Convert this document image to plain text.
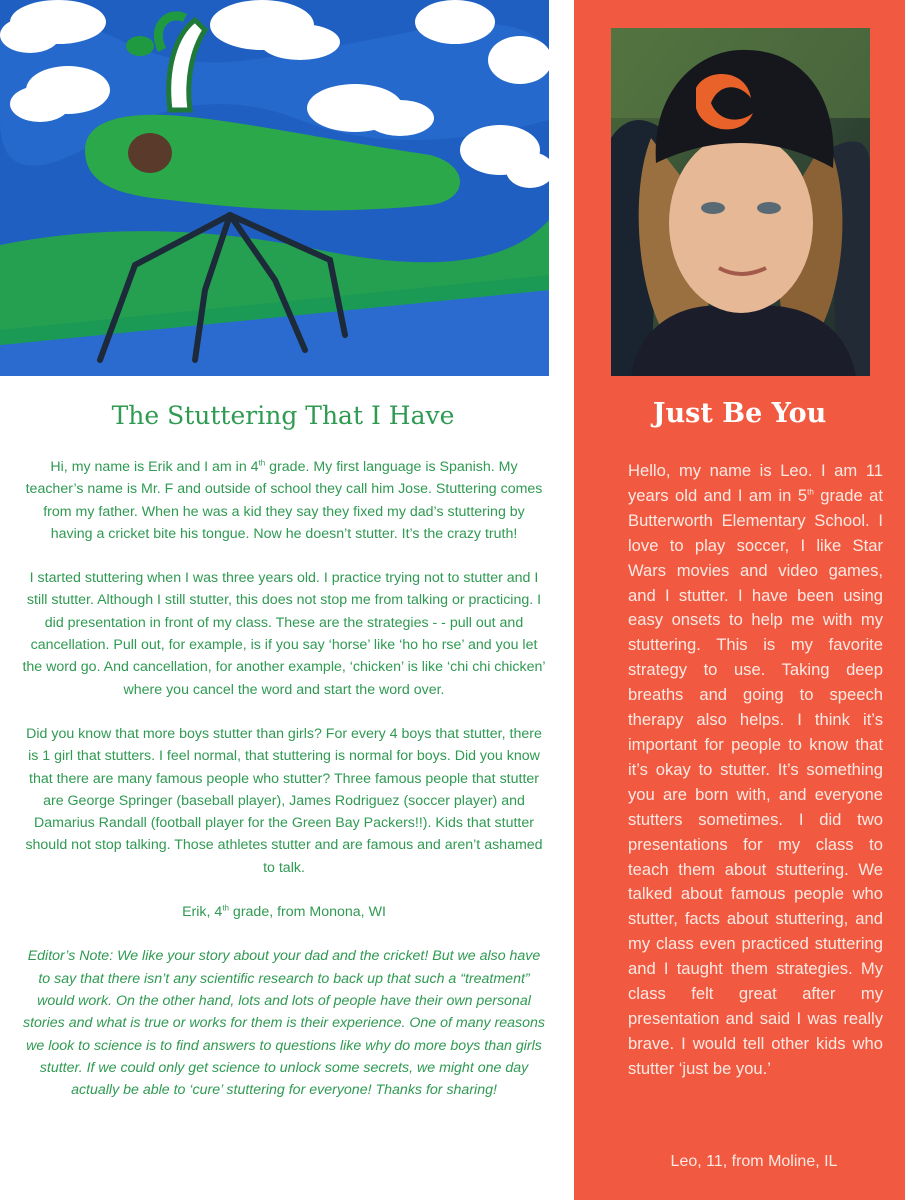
The Stuttering That I Have

Hi, my name is Erik and I am in 4th grade. My first language is Spanish. My teacher’s name is Mr. F and outside of school they call him Jose. Stuttering comes from my father. When he was a kid they say they fixed my dad’s stuttering by having a cricket bite his tongue. Now he doesn’t stutter. It’s the crazy truth!

I started stuttering when I was three years old. I practice trying not to stutter and I still stutter. Although I still stutter, this does not stop me from talking or practicing. I did presentation in front of my class. These are the strategies - - pull out and cancellation. Pull out, for example, is if you say ‘horse’ like ‘ho ho rse’ and you let the word go. And cancellation, for another example, ‘chicken’ is like ‘chi chi chicken’ where you cancel the word and start the word over.

Did you know that more boys stutter than girls? For every 4 boys that stutter, there is 1 girl that stutters. I feel normal, that stuttering is normal for boys. Did you know that there are many famous people who stutter? Three famous people that stutter are George Springer (baseball player), James Rodriguez (soccer player) and Damarius Randall (football player for the Green Bay Packers!!). Kids that stutter should not stop talking. Those athletes stutter and are famous and aren’t ashamed to talk.

Erik, 4th grade, from Monona, WI

Editor’s Note: We like your story about your dad and the cricket! But we also have to say that there isn’t any scientific research to back up that such a “treatment” would work. On the other hand, lots and lots of people have their own personal stories and what is true or works for them is their experience. One of many reasons we look to science is to find answers to questions like why do more boys than girls stutter. If we could only get science to unlock some secrets, we might one day actually be able to ‘cure’ stuttering for everyone! Thanks for sharing!

Just Be You

Hello, my name is Leo. I am 11 years old and I am in 5th grade at Butterworth Elementary School. I love to play soccer, I like Star Wars movies and video games, and I stutter. I have been using easy onsets to help me with my stuttering. This is my favorite strategy to use. Taking deep breaths and going to speech therapy also helps. I think it’s important for people to know that it’s okay to stutter. It’s something you are born with, and everyone stutters sometimes. I did two presentations for my class to teach them about stuttering. We talked about famous people who stutter, facts about stuttering, and my class even practiced stuttering and I taught them strategies. My class felt great after my presentation and said I was really brave. I would tell other kids who stutter ‘just be you.’

Leo, 11, from Moline, IL
